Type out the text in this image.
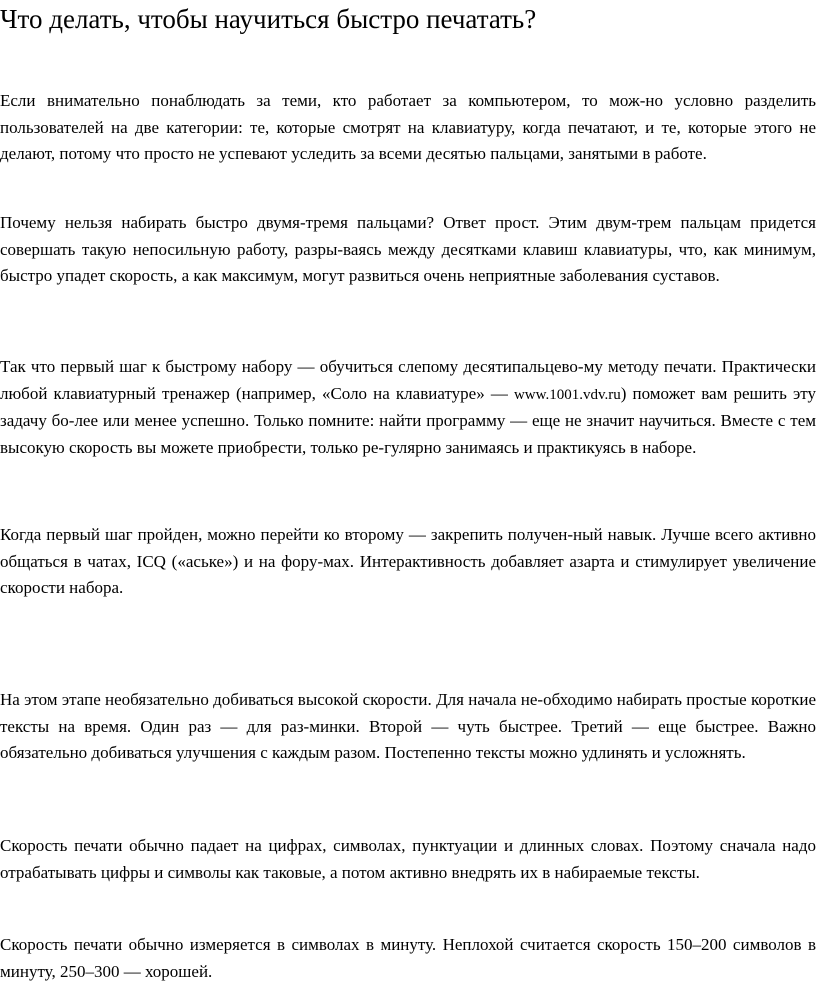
Что делать, чтобы научиться быстро печатать?

Если внимательно понаблюдать за теми, кто работает за компьютером, то мож-но условно разделить пользователей на две категории: те, которые смотрят на клавиатуру, когда печатают, и те, которые этого не делают, потому что просто не успевают уследить за всеми десятью пальцами, занятыми в работе.

Почему нельзя набирать быстро двумя-тремя пальцами? Ответ прост. Этим двум-трем пальцам придется совершать такую непосильную работу, разры-ваясь между десятками клавиш клавиатуры, что, как минимум, быстро упадет скорость, а как максимум, могут развиться очень неприятные заболевания суставов.

Так что первый шаг к быстрому набору — обучиться слепому десятипальцево-му методу печати. Практически любой клавиатурный тренажер (например, «Соло на клавиатуре» — www.1001.vdv.ru) поможет вам решить эту задачу бо-лее или менее успешно. Только помните: найти программу — еще не значит научиться. Вместе с тем высокую скорость вы можете приобрести, только ре-гулярно занимаясь и практикуясь в наборе.

Когда первый шаг пройден, можно перейти ко второму — закрепить получен-ный навык. Лучше всего активно общаться в чатах, ICQ («аське») и на фору-мах. Интерактивность добавляет азарта и стимулирует увеличение скорости набора.

На этом этапе необязательно добиваться высокой скорости. Для начала не-обходимо набирать простые короткие тексты на время. Один раз — для раз-минки. Второй — чуть быстрее. Третий — еще быстрее. Важно обязательно добиваться улучшения с каждым разом. Постепенно тексты можно удлинять и усложнять.

Скорость печати обычно падает на цифрах, символах, пунктуации и длинных словах. Поэтому сначала надо отрабатывать цифры и символы как таковые, а потом активно внедрять их в набираемые тексты.

Скорость печати обычно измеряется в символах в минуту. Неплохой считается скорость 150–200 символов в минуту, 250–300 — хорошей.
